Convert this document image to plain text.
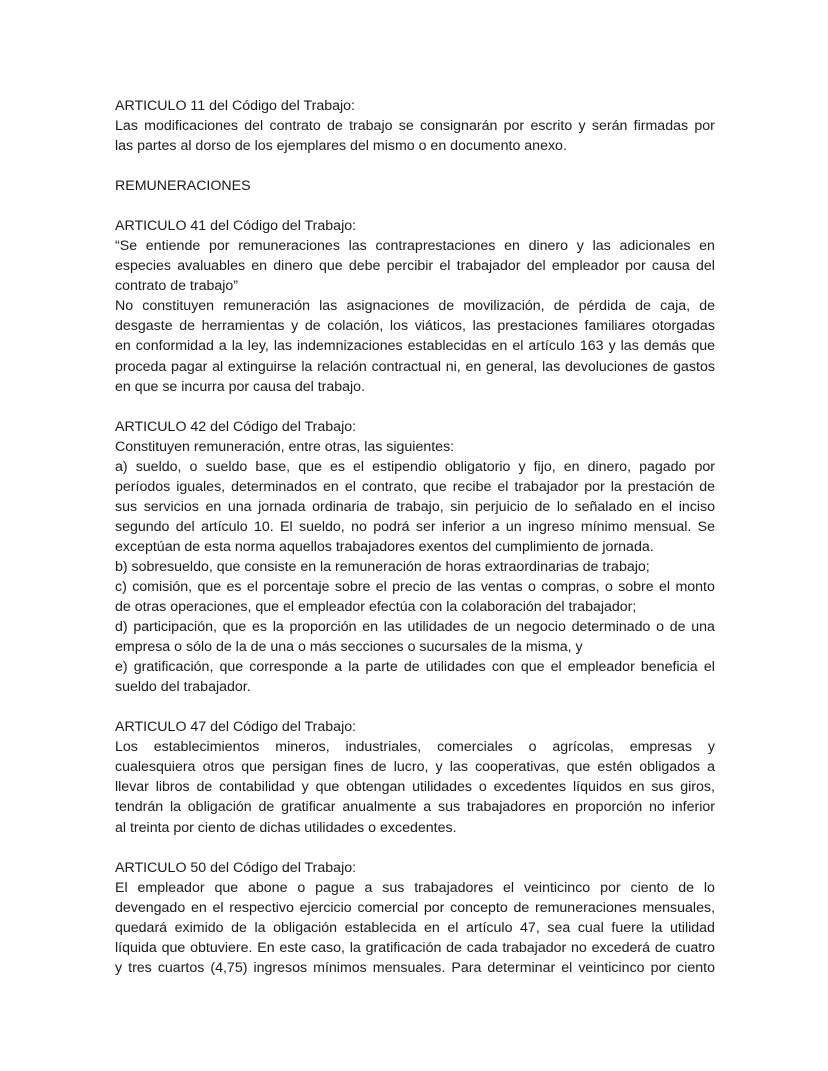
ARTICULO 11 del Código del Trabajo:
Las modificaciones del contrato de trabajo se consignarán por escrito y serán firmadas por
las partes al dorso de los ejemplares del mismo o en documento anexo.
REMUNERACIONES
ARTICULO 41 del Código del Trabajo:
“Se entiende por remuneraciones las contraprestaciones en dinero y las adicionales en
especies avaluables en dinero que debe percibir el trabajador del empleador por causa del
contrato de trabajo”
No constituyen remuneración las asignaciones de movilización, de pérdida de caja, de
desgaste de herramientas y de colación, los viáticos, las prestaciones familiares otorgadas
en conformidad a la ley, las indemnizaciones establecidas en el artículo 163 y las demás que
proceda pagar al extinguirse la relación contractual ni, en general, las devoluciones de gastos
en que se incurra por causa del trabajo.
ARTICULO 42 del Código del Trabajo:
Constituyen remuneración, entre otras, las siguientes:
a) sueldo, o sueldo base, que es el estipendio obligatorio y fijo, en dinero, pagado por
períodos iguales, determinados en el contrato, que recibe el trabajador por la prestación de
sus servicios en una jornada ordinaria de trabajo, sin perjuicio de lo señalado en el inciso
segundo del artículo 10. El sueldo, no podrá ser inferior a un ingreso mínimo mensual. Se
exceptúan de esta norma aquellos trabajadores exentos del cumplimiento de jornada.
b) sobresueldo, que consiste en la remuneración de horas extraordinarias de trabajo;
c) comisión, que es el porcentaje sobre el precio de las ventas o compras, o sobre el monto
de otras operaciones, que el empleador efectúa con la colaboración del trabajador;
d) participación, que es la proporción en las utilidades de un negocio determinado o de una
empresa o sólo de la de una o más secciones o sucursales de la misma, y
e) gratificación, que corresponde a la parte de utilidades con que el empleador beneficia el
sueldo del trabajador.
ARTICULO 47 del Código del Trabajo:
Los establecimientos mineros, industriales, comerciales o agrícolas, empresas y
cualesquiera otros que persigan fines de lucro, y las cooperativas, que estén obligados a
llevar libros de contabilidad y que obtengan utilidades o excedentes líquidos en sus giros,
tendrán la obligación de gratificar anualmente a sus trabajadores en proporción no inferior
al treinta por ciento de dichas utilidades o excedentes.
ARTICULO 50 del Código del Trabajo:
El empleador que abone o pague a sus trabajadores el veinticinco por ciento de lo
devengado en el respectivo ejercicio comercial por concepto de remuneraciones mensuales,
quedará eximido de la obligación establecida en el artículo 47, sea cual fuere la utilidad
líquida que obtuviere. En este caso, la gratificación de cada trabajador no excederá de cuatro
y tres cuartos (4,75) ingresos mínimos mensuales. Para determinar el veinticinco por ciento
